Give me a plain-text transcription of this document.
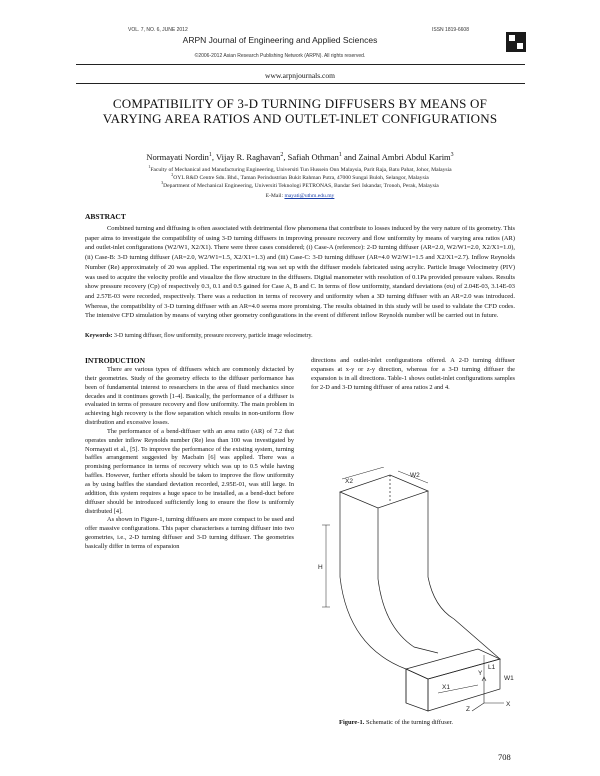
VOL. 7, NO. 6, JUNE 2012	ISSN 1819-6608
ARPN Journal of Engineering and Applied Sciences
©2006-2012 Asian Research Publishing Network (ARPN). All rights reserved.
www.arpnjournals.com
COMPATIBILITY OF 3-D TURNING DIFFUSERS BY MEANS OF VARYING AREA RATIOS AND OUTLET-INLET CONFIGURATIONS
Normayati Nordin$^1$, Vijay R. Raghavan$^2$, Safiah Othman$^1$ and Zainal Ambri Abdul Karim$^3$
$^1$Faculty of Mechanical and Manufacturing Engineering, Universiti Tun Hussein Onn Malaysia, Parit Raja, Batu Pahat, Johor, Malaysia
$^2$OYL R&D Centre Sdn. Bhd., Taman Perindustrian Bukit Rahman Putra, 47000 Sungai Buloh, Selangor, Malaysia
$^3$Department of Mechanical Engineering, Universiti Teknologi PETRONAS, Bandar Seri Iskandar, Tronoh, Perak, Malaysia
E-Mail: mayati@uthm.edu.my
ABSTRACT
Combined turning and diffusing is often associated with detrimental flow phenomena that contribute to losses induced by the very nature of its geometry. This paper aims to investigate the compatibility of using 3-D turning diffusers in improving pressure recovery and flow uniformity by means of varying area ratios (AR) and outlet-inlet configurations (W2/W1, X2/X1). There were three cases considered; (i) Case-A (reference): 2-D turning diffuser (AR=2.0, W2/W1=2.0, X2/X1=1.0), (ii) Case-B: 3-D turning diffuser (AR=2.0, W2/W1=1.5, X2/X1=1.3) and (iii) Case-C: 3-D turning diffuser (AR=4.0 W2/W1=1.5 and X2/X1=2.7). Inflow Reynolds Number (Re) approximately of 20 was applied. The experimental rig was set up with the diffuser models fabricated using acrylic. Particle Image Velocimetry (PIV) was used to acquire the velocity profile and visualize the flow structure in the diffusers. Digital manometer with resolution of 0.1Pa provided pressure values. Results show pressure recovery (Cp) of respectively 0.3, 0.1 and 0.5 gained for Case A, B and C. In terms of flow uniformity, standard deviations (σu) of 2.04E-03, 3.14E-03 and 2.57E-03 were recorded, respectively. There was a reduction in terms of recovery and uniformity when a 3D turning diffuser with an AR=2.0 was introduced. Whereas, the compatibility of 3-D turning diffuser with an AR=4.0 seems more promising. The results obtained in this study will be used to validate the CFD codes. The intensive CFD simulation by means of varying other geometry configurations in the event of different inflow Reynolds number will be carried out in future.
Keywords: 3-D turning diffuser, flow uniformity, pressure recovery, particle image velocimetry.
INTRODUCTION

There are various types of diffusers which are commonly dictacted by their geometries. Study of the geometry effects to the diffuser performance has been of fundamental interest to researchers in the area of fluid mechanics since decades and it continues growth [1-4]. Basically, the performance of a diffuser is evaluated in terms of pressure recovery and flow uniformity. The main problem in achieving high recovery is the flow separation which results in non-uniform flow distribution and excessive losses.

The performance of a bend-diffuser with an area ratio (AR) of 7.2 that operates under inflow Reynolds number (Re) less than 100 was investigated by Normayati et al., [5]. To improve the performance of the existing system, turning baffles arrangement suggested by Macbain [6] was applied. There was a promising performance in terms of recovery which was up to 0.5 while having baffles. However, further efforts should be taken to improve the flow uniformity as by using baffles the standard deviation recorded, 2.95E-01, was still large. In addition, this system requires a huge space to be installed, as a bend-duct before diffuser should be introduced sufficiently long to ensure the flow is uniformly distributed [4].

As shown in Figure-1, turning diffusers are more compact to be used and offer massive configurations. This paper characterises a turning diffuser into two geometries, i.e., 2-D turning diffuser and 3-D turning diffuser. The geometries basically differ in terms of expansion

directions and outlet-inlet configurations offered. A 2-D turning diffuser expanses at x-y or z-y direction, whereas for a 3-D turning diffuser the expansion is in all directions. Table-1 shows outlet-inlet configurations samples for 2-D and 3-D turning diffuser of area ratios 2 and 4.

X2
W2
H
X1
W1
L1
Y
Z
X
Figure-1. Schematic of the turning diffuser.
708
